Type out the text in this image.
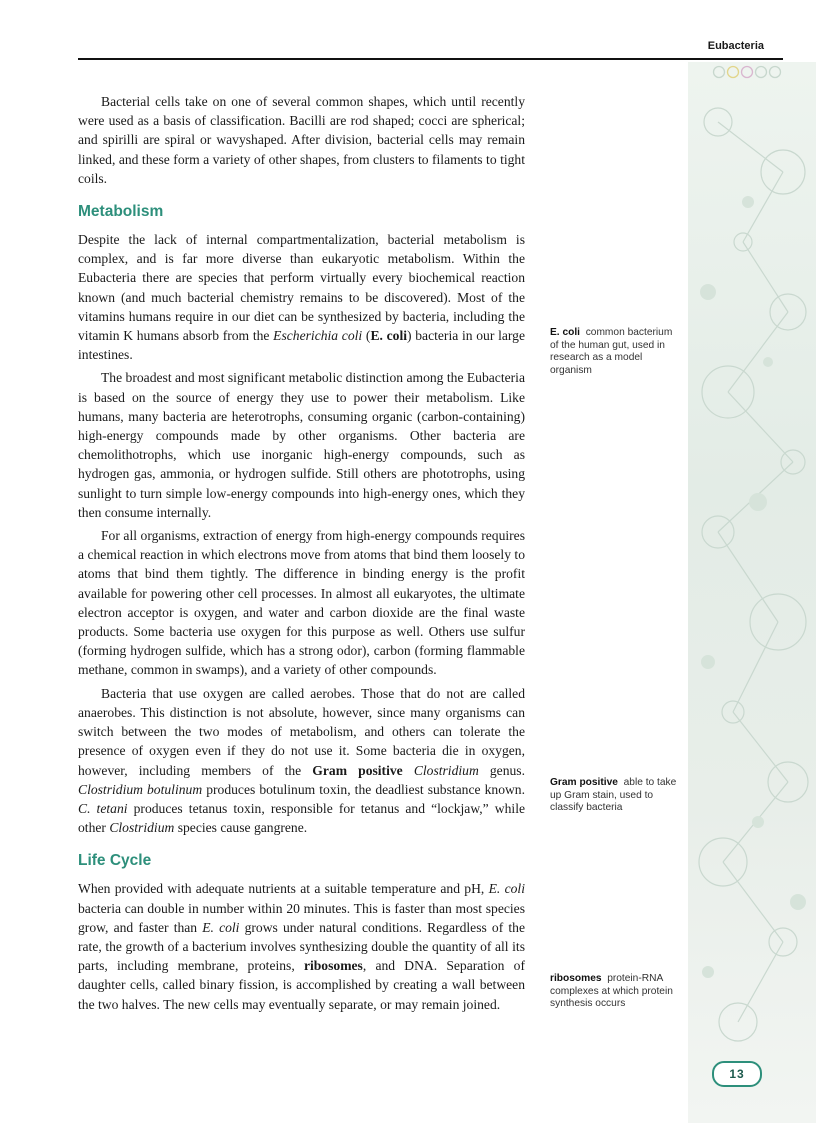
Eubacteria

Bacterial cells take on one of several common shapes, which until recently were used as a basis of classification. Bacilli are rod shaped; cocci are spherical; and spirilli are spiral or wavyshaped. After division, bacterial cells may remain linked, and these form a variety of other shapes, from clusters to filaments to tight coils.

Metabolism

Despite the lack of internal compartmentalization, bacterial metabolism is complex, and is far more diverse than eukaryotic metabolism. Within the Eubacteria there are species that perform virtually every biochemical reaction known (and much bacterial chemistry remains to be discovered). Most of the vitamins humans require in our diet can be synthesized by bacteria, including the vitamin K humans absorb from the Escherichia coli (E. coli) bacteria in our large intestines.

The broadest and most significant metabolic distinction among the Eubacteria is based on the source of energy they use to power their metabolism. Like humans, many bacteria are heterotrophs, consuming organic (carbon-containing) high-energy compounds made by other organisms. Other bacteria are chemolithotrophs, which use inorganic high-energy compounds, such as hydrogen gas, ammonia, or hydrogen sulfide. Still others are phototrophs, using sunlight to turn simple low-energy compounds into high-energy ones, which they then consume internally.

For all organisms, extraction of energy from high-energy compounds requires a chemical reaction in which electrons move from atoms that bind them loosely to atoms that bind them tightly. The difference in binding energy is the profit available for powering other cell processes. In almost all eukaryotes, the ultimate electron acceptor is oxygen, and water and carbon dioxide are the final waste products. Some bacteria use oxygen for this purpose as well. Others use sulfur (forming hydrogen sulfide, which has a strong odor), carbon (forming flammable methane, common in swamps), and a variety of other compounds.

Bacteria that use oxygen are called aerobes. Those that do not are called anaerobes. This distinction is not absolute, however, since many organisms can switch between the two modes of metabolism, and others can tolerate the presence of oxygen even if they do not use it. Some bacteria die in oxygen, however, including members of the Gram positive Clostridium genus. Clostridium botulinum produces botulinum toxin, the deadliest substance known. C. tetani produces tetanus toxin, responsible for tetanus and “lockjaw,” while other Clostridium species cause gangrene.

Life Cycle

When provided with adequate nutrients at a suitable temperature and pH, E. coli bacteria can double in number within 20 minutes. This is faster than most species grow, and faster than E. coli grows under natural conditions. Regardless of the rate, the growth of a bacterium involves synthesizing double the quantity of all its parts, including membrane, proteins, ribosomes, and DNA. Separation of daughter cells, called binary fission, is accomplished by creating a wall between the two halves. The new cells may eventually separate, or may remain joined.

E. coli common bacterium of the human gut, used in research as a model organism
Gram positive able to take up Gram stain, used to classify bacteria
ribosomes protein-RNA complexes at which protein synthesis occurs
13
